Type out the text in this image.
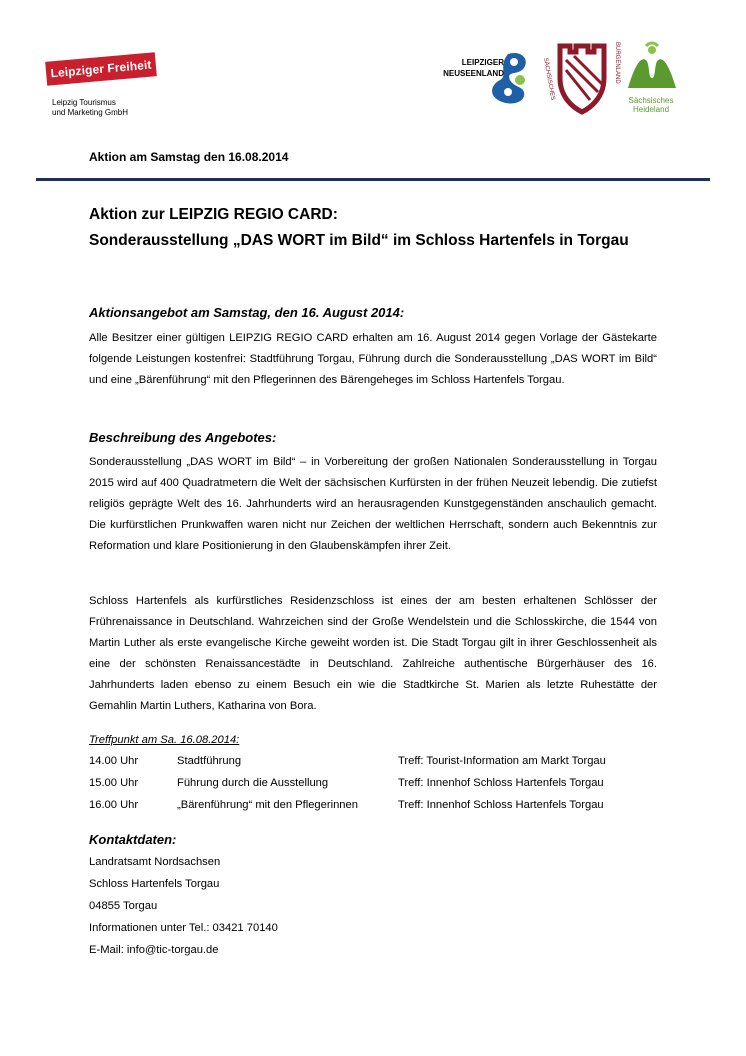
Leipziger Freiheit
Leipzig Tourismus
und Marketing GmbH
LEIPZIGER
NEUSEENLAND	SÄCHSISCHES	BURGENLAND
Sächsisches
Heideland
Aktion am Samstag den 16.08.2014
Aktion zur LEIPZIG REGIO CARD:
Sonderausstellung „DAS WORT im Bild“ im Schloss Hartenfels in Torgau
Aktionsangebot am Samstag, den 16. August 2014:
Alle Besitzer einer gültigen LEIPZIG REGIO CARD erhalten am 16. August 2014 gegen Vorlage der Gästekarte folgende Leistungen kostenfrei: Stadtführung Torgau, Führung durch die Sonderausstellung „DAS WORT im Bild“ und eine „Bärenführung“ mit den Pflegerinnen des Bärengeheges im Schloss Hartenfels Torgau.
Beschreibung des Angebotes:
Sonderausstellung „DAS WORT im Bild“ – in Vorbereitung der großen Nationalen Sonderausstellung in Torgau 2015 wird auf 400 Quadratmetern die Welt der sächsischen Kurfürsten in der frühen Neuzeit lebendig. Die zutiefst religiös geprägte Welt des 16. Jahrhunderts wird an herausragenden Kunstgegenständen anschaulich gemacht. Die kurfürstlichen Prunkwaffen waren nicht nur Zeichen der weltlichen Herrschaft, sondern auch Bekenntnis zur Reformation und klare Positionierung in den Glaubenskämpfen ihrer Zeit.
Schloss Hartenfels als kurfürstliches Residenzschloss ist eines der am besten erhaltenen Schlösser der Frührenaissance in Deutschland. Wahrzeichen sind der Große Wendelstein und die Schlosskirche, die 1544 von Martin Luther als erste evangelische Kirche geweiht worden ist. Die Stadt Torgau gilt in ihrer Geschlossenheit als eine der schönsten Renaissancestädte in Deutschland. Zahlreiche authentische Bürgerhäuser des 16. Jahrhunderts laden ebenso zu einem Besuch ein wie die Stadtkirche St. Marien als letzte Ruhestätte der Gemahlin Martin Luthers, Katharina von Bora.
Treffpunkt am Sa. 16.08.2014:
14.00 Uhr	Stadtführung	Treff: Tourist-Information am Markt Torgau
15.00 Uhr	Führung durch die Ausstellung	Treff: Innenhof Schloss Hartenfels Torgau
16.00 Uhr	„Bärenführung“ mit den Pflegerinnen	Treff: Innenhof Schloss Hartenfels Torgau
Kontaktdaten:
Landratsamt Nordsachsen
Schloss Hartenfels Torgau
04855 Torgau
Informationen unter Tel.: 03421 70140
E-Mail: info@tic-torgau.de
